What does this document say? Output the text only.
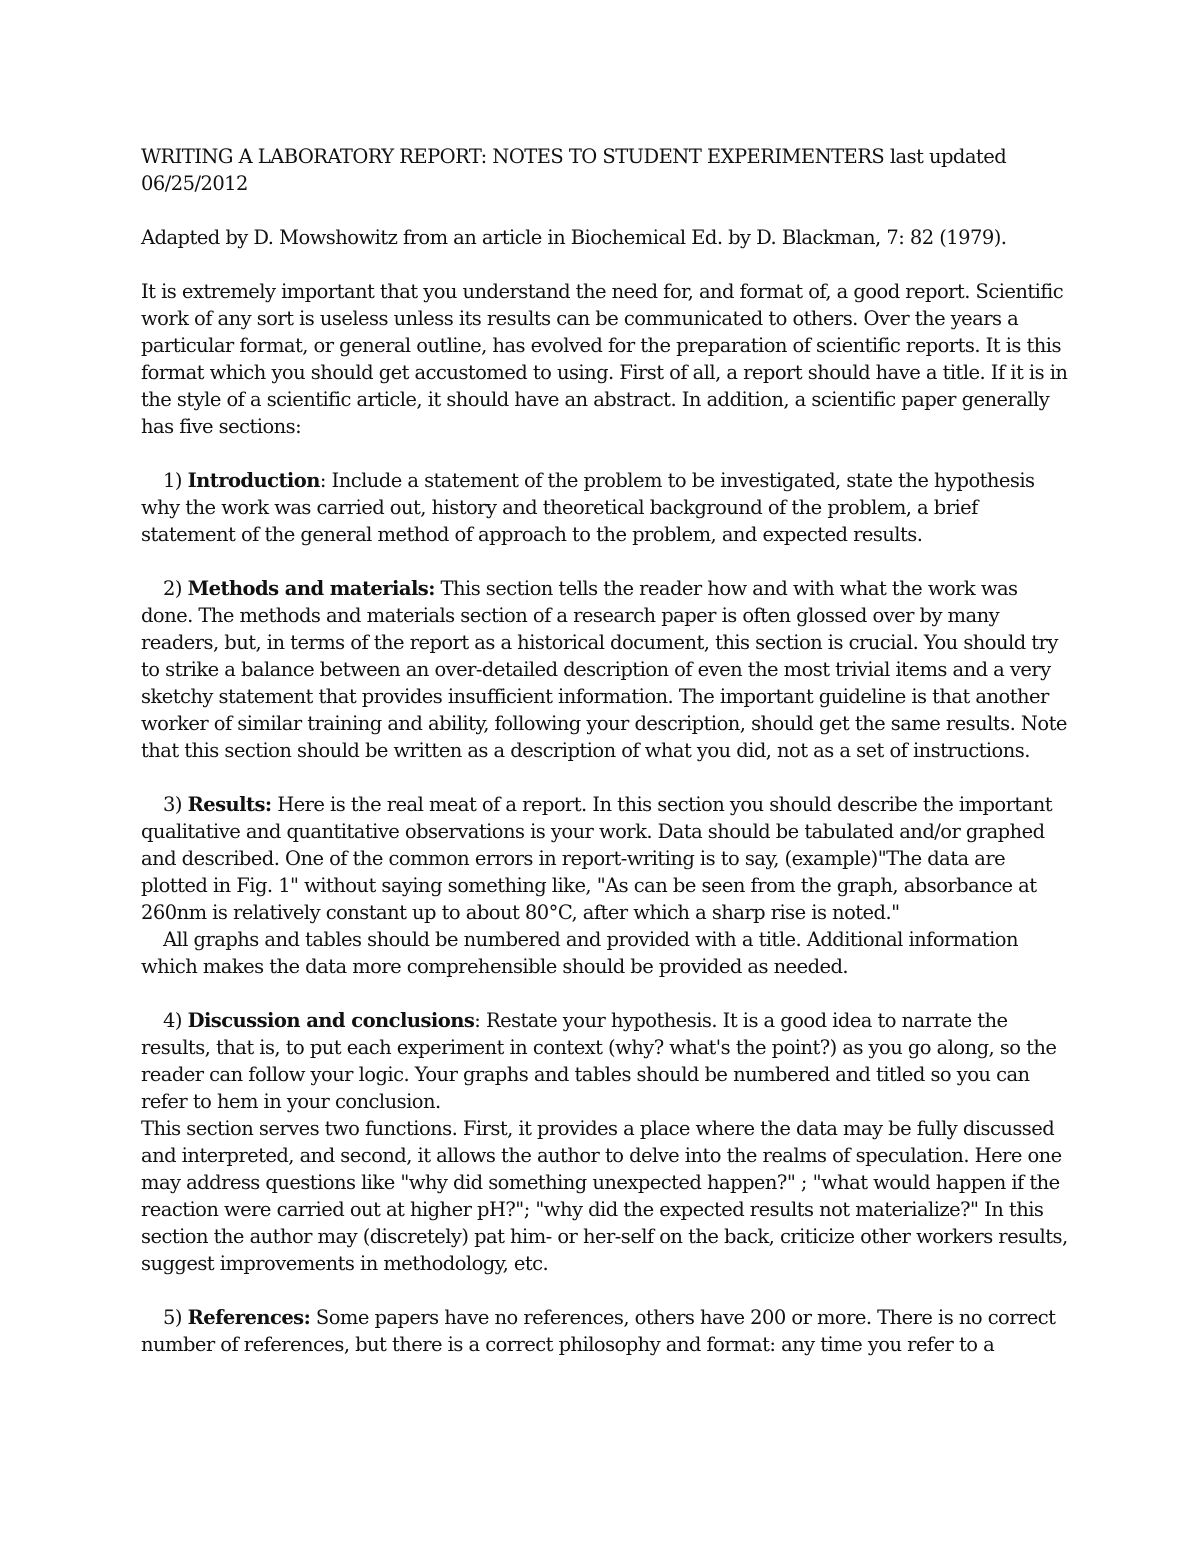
WRITING A LABORATORY REPORT: NOTES TO STUDENT EXPERIMENTERS last updated 06/25/2012

Adapted by D. Mowshowitz from an article in Biochemical Ed. by D. Blackman, 7: 82 (1979).

It is extremely important that you understand the need for, and format of, a good report. Scientific work of any sort is useless unless its results can be communicated to others. Over the years a particular format, or general outline, has evolved for the preparation of scientific reports. It is this format which you should get accustomed to using. First of all, a report should have a title. If it is in the style of a scientific article, it should have an abstract. In addition, a scientific paper generally has five sections:

1) Introduction: Include a statement of the problem to be investigated, state the hypothesis why the work was carried out, history and theoretical background of the problem, a brief statement of the general method of approach to the problem, and expected results.
2) Methods and materials: This section tells the reader how and with what the work was done. The methods and materials section of a research paper is often glossed over by many readers, but, in terms of the report as a historical document, this section is crucial. You should try to strike a balance between an over-detailed description of even the most trivial items and a very sketchy statement that provides insufficient information. The important guideline is that another worker of similar training and ability, following your description, should get the same results. Note that this section should be written as a description of what you did, not as a set of instructions.
3) Results: Here is the real meat of a report. In this section you should describe the important qualitative and quantitative observations is your work. Data should be tabulated and/or graphed and described. One of the common errors in report-writing is to say, (example)"The data are plotted in Fig. 1" without saying something like, "As can be seen from the graph, absorbance at 260nm is relatively constant up to about 80°C, after which a sharp rise is noted."
All graphs and tables should be numbered and provided with a title. Additional information which makes the data more comprehensible should be provided as needed.
4) Discussion and conclusions: Restate your hypothesis. It is a good idea to narrate the results, that is, to put each experiment in context (why? what's the point?) as you go along, so the reader can follow your logic. Your graphs and tables should be numbered and titled so you can refer to hem in your conclusion.
This section serves two functions. First, it provides a place where the data may be fully discussed and interpreted, and second, it allows the author to delve into the realms of speculation. Here one may address questions like "why did something unexpected happen?" ; "what would happen if the reaction were carried out at higher pH?"; "why did the expected results not materialize?" In this section the author may (discretely) pat him- or her-self on the back, criticize other workers results, suggest improvements in methodology, etc.
5) References: Some papers have no references, others have 200 or more. There is no correct number of references, but there is a correct philosophy and format: any time you refer to a
